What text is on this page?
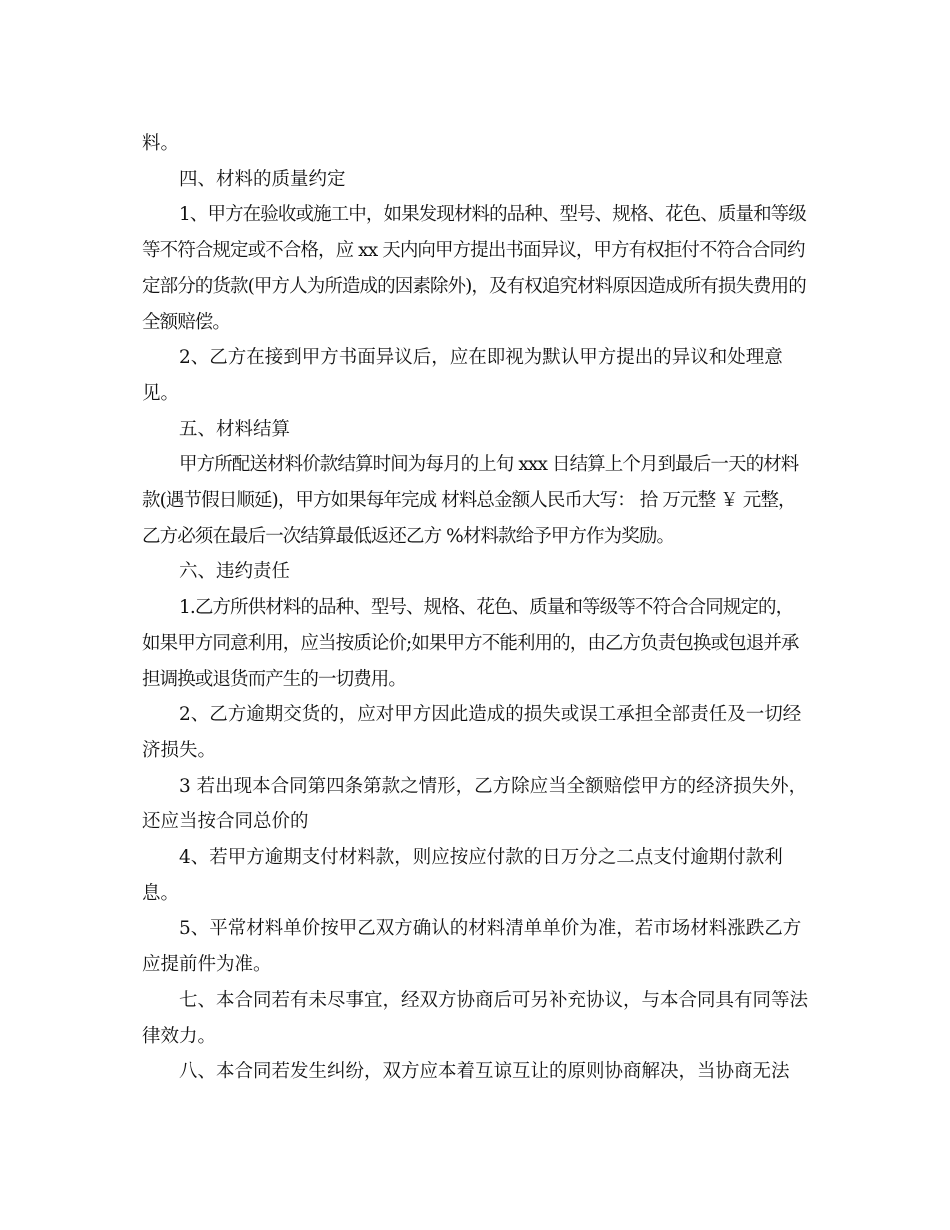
料。

四、材料的质量约定

1、甲方在验收或施工中，如果发现材料的品种、型号、规格、花色、质量和等级等不符合规定或不合格，应 xx 天内向甲方提出书面异议，甲方有权拒付不符合合同约定部分的货款(甲方人为所造成的因素除外)，及有权追究材料原因造成所有损失费用的全额赔偿。

2、乙方在接到甲方书面异议后，应在即视为默认甲方提出的异议和处理意见。

五、材料结算

甲方所配送材料价款结算时间为每月的上旬 xxx 日结算上个月到最后一天的材料款(遇节假日顺延)，甲方如果每年完成 材料总金额人民币大写： 拾 万元整 ￥ 元整，乙方必须在最后一次结算最低返还乙方 %材料款给予甲方作为奖励。

六、违约责任

1.乙方所供材料的品种、型号、规格、花色、质量和等级等不符合合同规定的，如果甲方同意利用，应当按质论价;如果甲方不能利用的，由乙方负责包换或包退并承担调换或退货而产生的一切费用。

2、乙方逾期交货的，应对甲方因此造成的损失或误工承担全部责任及一切经济损失。

3 若出现本合同第四条第款之情形，乙方除应当全额赔偿甲方的经济损失外，还应当按合同总价的

4、若甲方逾期支付材料款，则应按应付款的日万分之二点支付逾期付款利息。

5、平常材料单价按甲乙双方确认的材料清单单价为准，若市场材料涨跌乙方应提前件为准。

七、本合同若有未尽事宜，经双方协商后可另补充协议，与本合同具有同等法律效力。

八、本合同若发生纠纷，双方应本着互谅互让的原则协商解决，当协商无法
